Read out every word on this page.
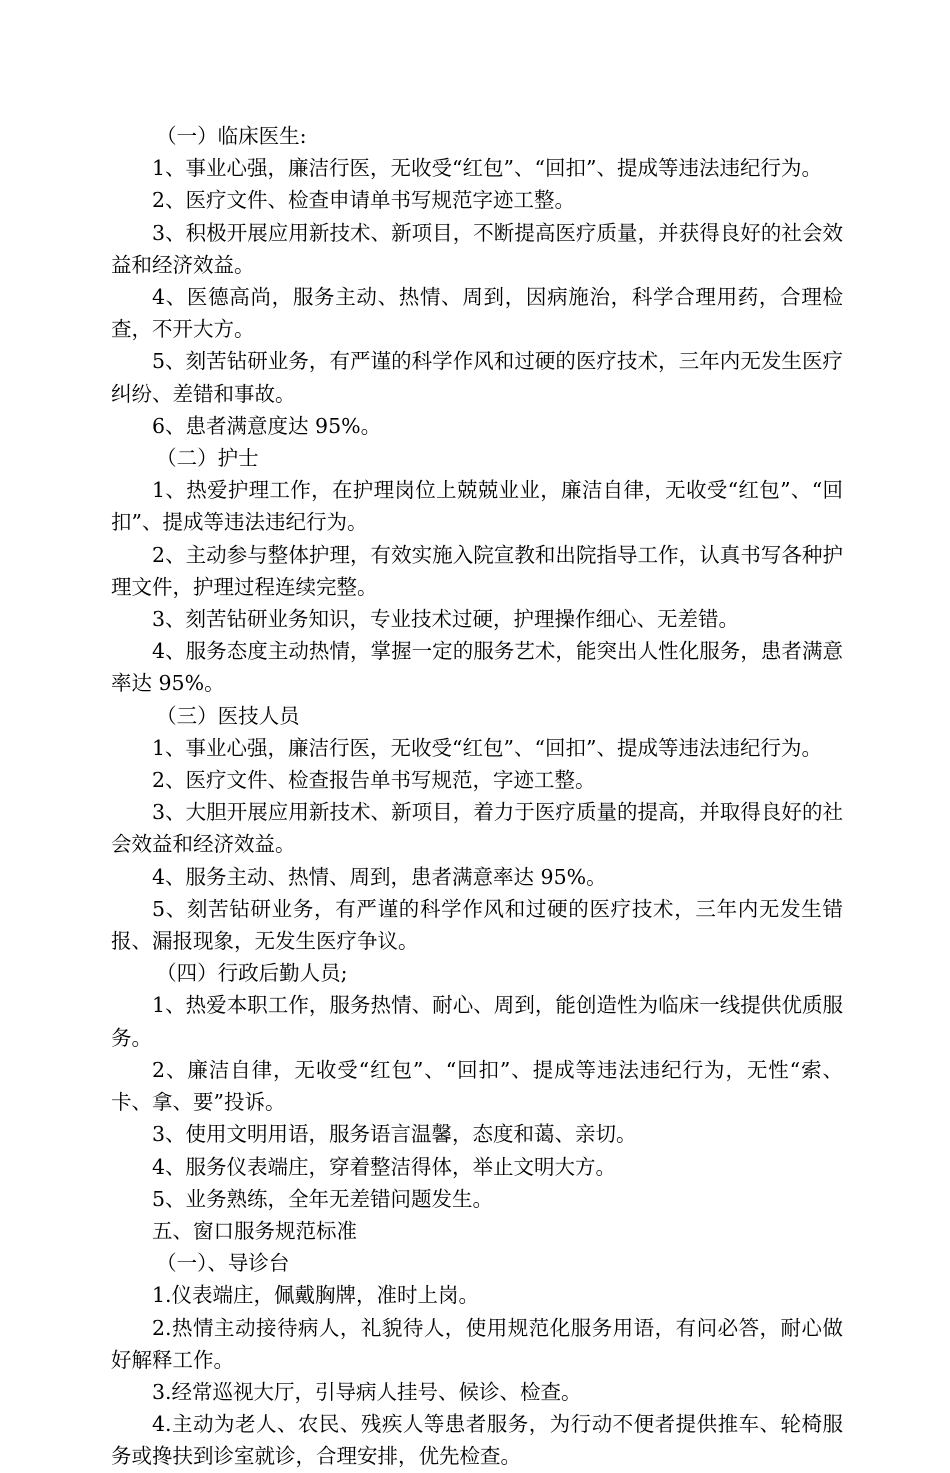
（一）临床医生:

1、事业心强，廉洁行医，无收受“红包”、“回扣”、提成等违法违纪行为。

2、医疗文件、检查申请单书写规范字迹工整。

3、积极开展应用新技术、新项目，不断提高医疗质量，并获得良好的社会效益和经济效益。

4、医德高尚，服务主动、热情、周到，因病施治，科学合理用药，合理检查，不开大方。

5、刻苦钻研业务，有严谨的科学作风和过硬的医疗技术，三年内无发生医疗纠纷、差错和事故。

6、患者满意度达 95%。

（二）护士

1、热爱护理工作，在护理岗位上兢兢业业，廉洁自律，无收受“红包”、“回扣”、提成等违法违纪行为。

2、主动参与整体护理，有效实施入院宣教和出院指导工作，认真书写各种护理文件，护理过程连续完整。

3、刻苦钻研业务知识，专业技术过硬，护理操作细心、无差错。

4、服务态度主动热情，掌握一定的服务艺术，能突出人性化服务，患者满意率达 95%。

（三）医技人员

1、事业心强，廉洁行医，无收受“红包”、“回扣”、提成等违法违纪行为。

2、医疗文件、检查报告单书写规范，字迹工整。

3、大胆开展应用新技术、新项目，着力于医疗质量的提高，并取得良好的社会效益和经济效益。

4、服务主动、热情、周到，患者满意率达 95%。

5、刻苦钻研业务，有严谨的科学作风和过硬的医疗技术，三年内无发生错报、漏报现象，无发生医疗争议。

（四）行政后勤人员;

1、热爱本职工作，服务热情、耐心、周到，能创造性为临床一线提供优质服务。

2、廉洁自律，无收受“红包”、“回扣”、提成等违法违纪行为，无性“索、卡、拿、要”投诉。

3、使用文明用语，服务语言温馨，态度和蔼、亲切。

4、服务仪表端庄，穿着整洁得体，举止文明大方。

5、业务熟练，全年无差错问题发生。

五、窗口服务规范标准

（一）、导诊台

1.仪表端庄，佩戴胸牌，准时上岗。

2.热情主动接待病人，礼貌待人，使用规范化服务用语，有问必答，耐心做好解释工作。

3.经常巡视大厅，引导病人挂号、候诊、检查。

4.主动为老人、农民、残疾人等患者服务，为行动不便者提供推车、轮椅服务或搀扶到诊室就诊，合理安排，优先检查。
